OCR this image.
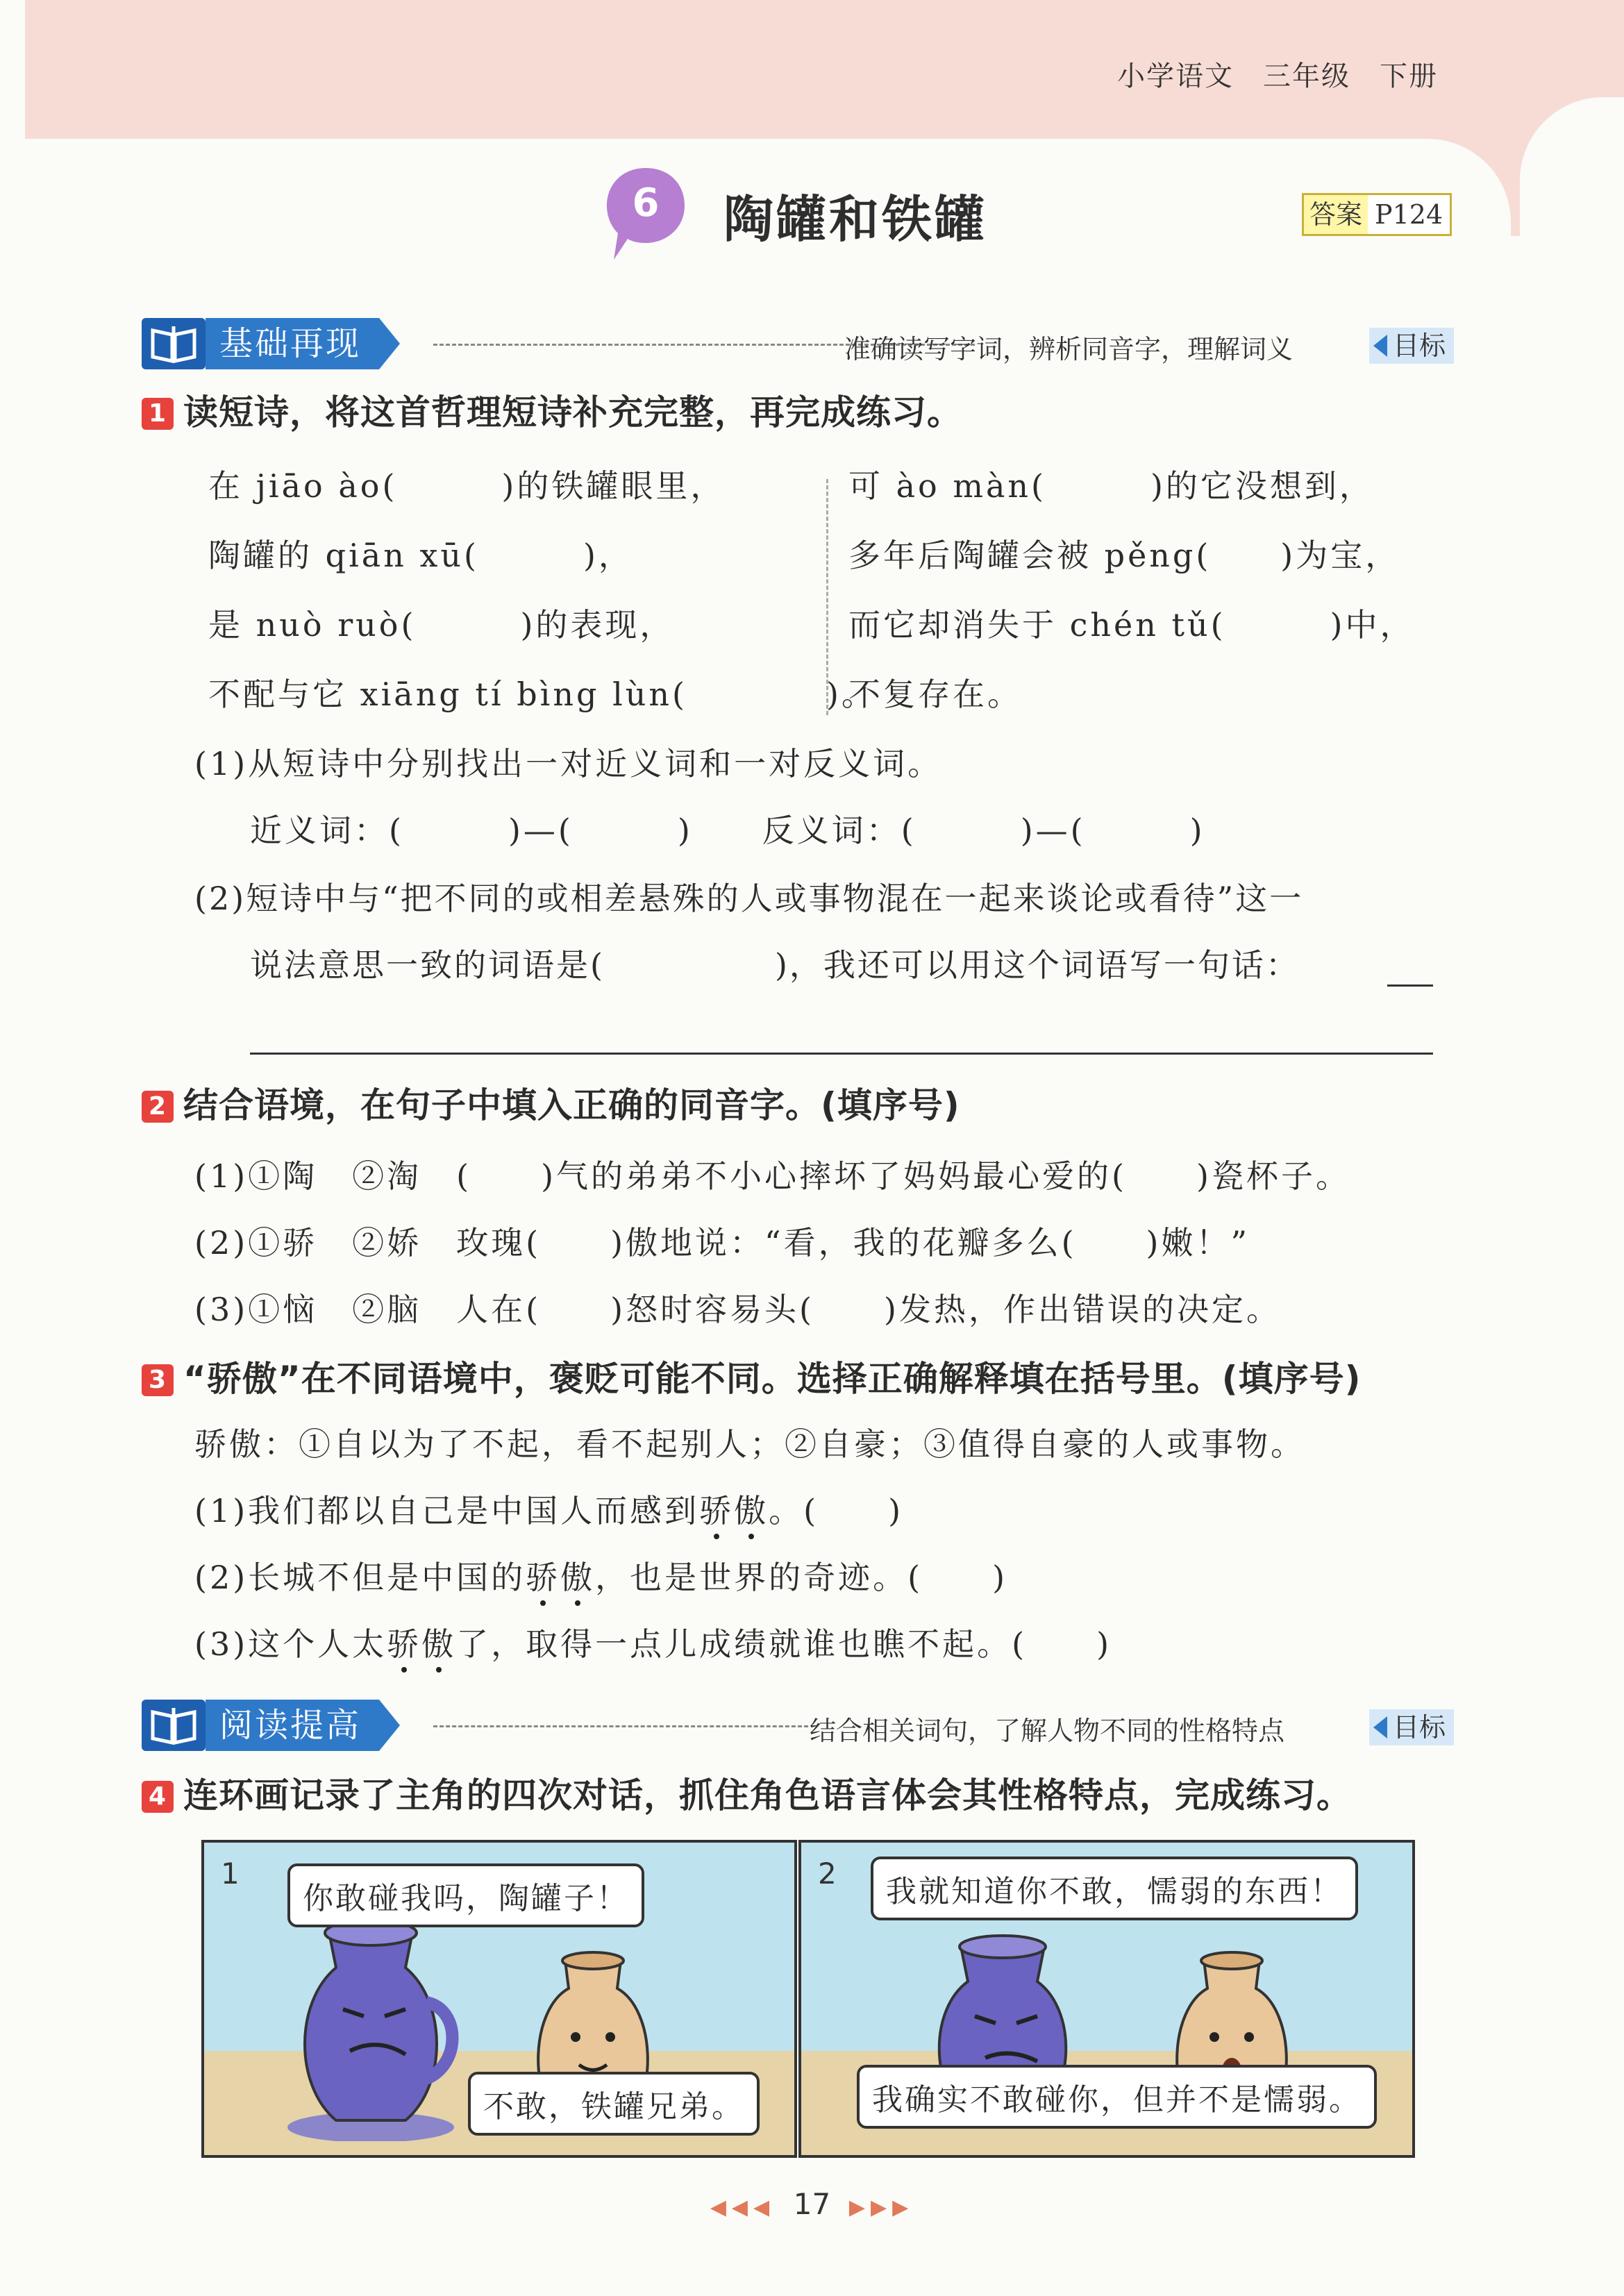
小学语文　三年级　下册
6	陶罐和铁罐	答案 P124
基础再现	准确读写字词，辨析同音字，理解词义	目标
1 读短诗，将这首哲理短诗补充完整，再完成练习。
在 jiāo ào(　　　)的铁罐眼里，
陶罐的 qiān xū(　　　)，
是 nuò ruò(　　　)的表现，
不配与它 xiāng tí bìng lùn(　　　　)。
可 ào màn(　　　)的它没想到，
多年后陶罐会被 pěng(　　)为宝，
而它却消失于 chén tǔ(　　　)中，
不复存在。
(1)从短诗中分别找出一对近义词和一对反义词。
近义词：(　　　)—(　　　)　　反义词：(　　　)—(　　　)
(2)短诗中与“把不同的或相差悬殊的人或事物混在一起来谈论或看待”这一
说法意思一致的词语是(　　　　　)，我还可以用这个词语写一句话：
2 结合语境，在句子中填入正确的同音字。(填序号)
(1)①陶　②淘　(　　)气的弟弟不小心摔坏了妈妈最心爱的(　　)瓷杯子。
(2)①骄　②娇　玫瑰(　　)傲地说：“看，我的花瓣多么(　　)嫩！”
(3)①恼　②脑　人在(　　)怒时容易头(　　)发热，作出错误的决定。
3 “骄傲”在不同语境中，褒贬可能不同。选择正确解释填在括号里。(填序号)
骄傲：①自以为了不起，看不起别人；②自豪；③值得自豪的人或事物。
(1)我们都以自己是中国人而感到骄傲。(　　)
(2)长城不但是中国的骄傲，也是世界的奇迹。(　　)
(3)这个人太骄傲了，取得一点儿成绩就谁也瞧不起。(　　)
阅读提高	结合相关词句，了解人物不同的性格特点	目标
4 连环画记录了主角的四次对话，抓住角色语言体会其性格特点，完成练习。
1
你敢碰我吗，陶罐子！
不敢，铁罐兄弟。
2
我就知道你不敢，懦弱的东西！
我确实不敢碰你，但并不是懦弱。
◀◀◀ 17 ▶▶▶
